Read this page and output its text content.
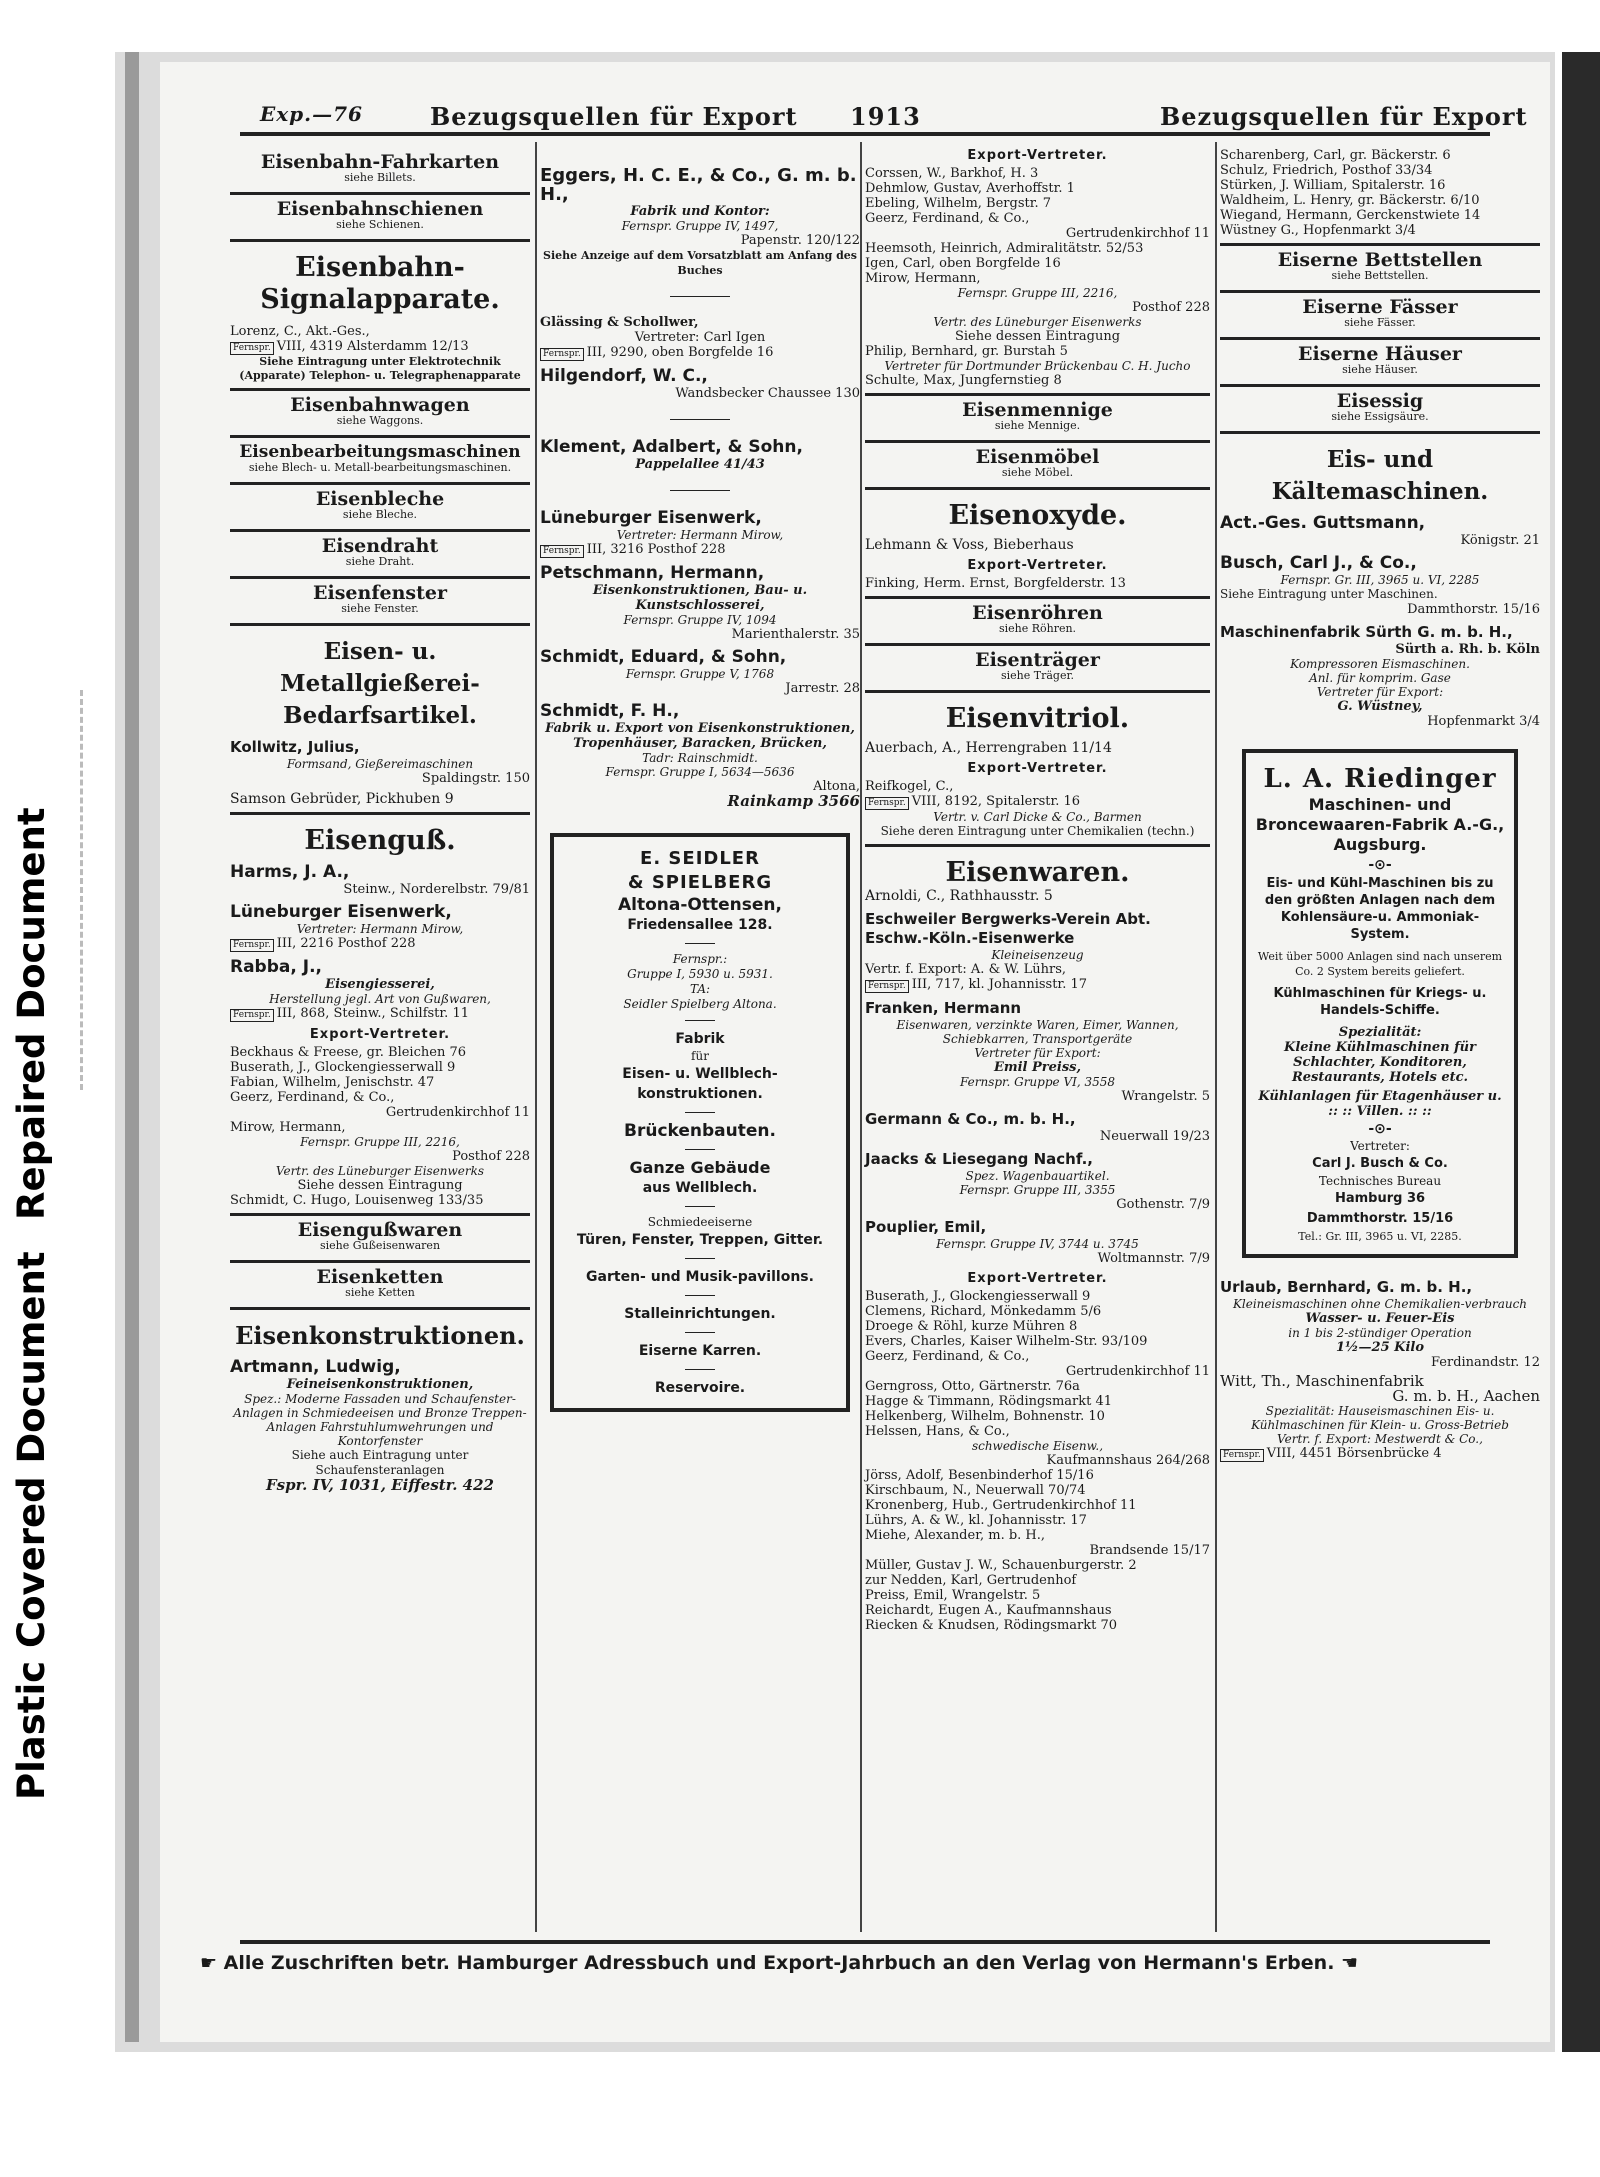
Plastic Covered Document
Repaired Document
Exp.—76	Bezugsquellen für Export 1913	Bezugsquellen für Export
Eisenbahn-Fahrkarten
siehe Billets.
Eisenbahnschienen
siehe Schienen.
Eisenbahn-Signalapparate.
Lorenz, C., Akt.-Ges.,
Fernspr. VIII, 4319 Alsterdamm 12/13
Siehe Eintragung unter Elektrotechnik (Apparate) Telephon- u. Telegraphenapparate
Eisenbahnwagen
siehe Waggons.
Eisenbearbeitungsmaschinen
siehe Blech- u. Metall-bearbeitungsmaschinen.
Eisenbleche
siehe Bleche.
Eisendraht
siehe Draht.
Eisenfenster
siehe Fenster.
Eisen- u. Metallgießerei-Bedarfsartikel.
Kollwitz, Julius,
Formsand, Gießereimaschinen
Spaldingstr. 150
Samson Gebrüder, Pickhuben 9
Eisenguß.
Harms, J. A.,
Steinw., Norderelbstr. 79/81
Lüneburger Eisenwerk,
Vertreter: Hermann Mirow,
Fernspr. III, 2216 Posthof 228
Rabba, J.,
Eisengiesserei,
Herstellung jegl. Art von Gußwaren,
Fernspr. III, 868, Steinw., Schilfstr. 11
Export-Vertreter.
Beckhaus & Freese, gr. Bleichen 76
Buserath, J., Glockengiesserwall 9
Fabian, Wilhelm, Jenischstr. 47
Geerz, Ferdinand, & Co.,
Gertrudenkirchhof 11
Mirow, Hermann,
Fernspr. Gruppe III, 2216,
Posthof 228
Vertr. des Lüneburger Eisenwerks
Siehe dessen Eintragung
Schmidt, C. Hugo, Louisenweg 133/35
Eisengußwaren
siehe Gußeisenwaren
Eisenketten
siehe Ketten
Eisenkonstruktionen.
Artmann, Ludwig,
Feineisenkonstruktionen,
Spez.: Moderne Fassaden und Schaufenster-Anlagen in Schmiedeeisen und Bronze Treppen-Anlagen Fahrstuhlumwehrungen und Kontorfenster
Siehe auch Eintragung unter Schaufensteranlagen
Fspr. IV, 1031, Eiffestr. 422
Eggers, H. C. E., & Co., G. m. b. H.,
Fabrik und Kontor:
Fernspr. Gruppe IV, 1497,
Papenstr. 120/122
Siehe Anzeige auf dem Vorsatzblatt am Anfang des Buches
Glässing & Schollwer,
Vertreter: Carl Igen
Fernspr. III, 9290, oben Borgfelde 16
Hilgendorf, W. C.,
Wandsbecker Chaussee 130
Klement, Adalbert, & Sohn,
Pappelallee 41/43
Lüneburger Eisenwerk,
Vertreter: Hermann Mirow,
Fernspr. III, 3216 Posthof 228
Petschmann, Hermann,
Eisenkonstruktionen, Bau- u. Kunstschlosserei,
Fernspr. Gruppe IV, 1094
Marienthalerstr. 35
Schmidt, Eduard, & Sohn,
Fernspr. Gruppe V, 1768
Jarrestr. 28
Schmidt, F. H.,
Fabrik u. Export von Eisenkonstruktionen, Tropenhäuser, Baracken, Brücken,
Tadr: Rainschmidt.
Fernspr. Gruppe I, 5634—5636
Altona,
Rainkamp 3566
E. SEIDLER
& SPIELBERG
Altona-Ottensen,
Friedensallee 128.
Fernspr.:
Gruppe I, 5930 u. 5931.
TA:
Seidler Spielberg Altona.
Fabrik
für
Eisen- u. Wellblech-konstruktionen.
Brückenbauten.
Ganze Gebäude
aus Wellblech.
Schmiedeeiserne
Türen, Fenster, Treppen, Gitter.
Garten- und Musik-pavillons.
Stalleinrichtungen.
Eiserne Karren.
Reservoire.
Export-Vertreter.
Corssen, W., Barkhof, H. 3
Dehmlow, Gustav, Averhoffstr. 1
Ebeling, Wilhelm, Bergstr. 7
Geerz, Ferdinand, & Co.,
Gertrudenkirchhof 11
Heemsoth, Heinrich, Admiralitätstr. 52/53
Igen, Carl, oben Borgfelde 16
Mirow, Hermann,
Fernspr. Gruppe III, 2216,
Posthof 228
Vertr. des Lüneburger Eisenwerks
Siehe dessen Eintragung
Philip, Bernhard, gr. Burstah 5
Vertreter für Dortmunder Brückenbau C. H. Jucho
Schulte, Max, Jungfernstieg 8
Eisenmennige
siehe Mennige.
Eisenmöbel
siehe Möbel.
Eisenoxyde.
Lehmann & Voss, Bieberhaus
Export-Vertreter.
Finking, Herm. Ernst, Borgfelderstr. 13
Eisenröhren
siehe Röhren.
Eisenträger
siehe Träger.
Eisenvitriol.
Auerbach, A., Herrengraben 11/14
Export-Vertreter.
Reifkogel, C.,
Fernspr. VIII, 8192, Spitalerstr. 16
Vertr. v. Carl Dicke & Co., Barmen
Siehe deren Eintragung unter Chemikalien (techn.)
Eisenwaren.
Arnoldi, C., Rathhausstr. 5
Eschweiler Bergwerks-Verein Abt. Eschw.-Köln.-Eisenwerke
Kleineisenzeug
Vertr. f. Export: A. & W. Lührs,
Fernspr. III, 717, kl. Johannisstr. 17
Franken, Hermann
Eisenwaren, verzinkte Waren, Eimer, Wannen, Schiebkarren, Transportgeräte
Vertreter für Export:
Emil Preiss,
Fernspr. Gruppe VI, 3558
Wrangelstr. 5
Germann & Co., m. b. H.,
Neuerwall 19/23
Jaacks & Liesegang Nachf.,
Spez. Wagenbauartikel.
Fernspr. Gruppe III, 3355
Gothenstr. 7/9
Pouplier, Emil,
Fernspr. Gruppe IV, 3744 u. 3745
Woltmannstr. 7/9
Export-Vertreter.
Buserath, J., Glockengiesserwall 9
Clemens, Richard, Mönkedamm 5/6
Droege & Röhl, kurze Mühren 8
Evers, Charles, Kaiser Wilhelm-Str. 93/109
Geerz, Ferdinand, & Co.,
Gertrudenkirchhof 11
Gerngross, Otto, Gärtnerstr. 76a
Hagge & Timmann, Rödingsmarkt 41
Helkenberg, Wilhelm, Bohnenstr. 10
Helssen, Hans, & Co.,
schwedische Eisenw.,
Kaufmannshaus 264/268
Jörss, Adolf, Besenbinderhof 15/16
Kirschbaum, N., Neuerwall 70/74
Kronenberg, Hub., Gertrudenkirchhof 11
Lührs, A. & W., kl. Johannisstr. 17
Miehe, Alexander, m. b. H.,
Brandsende 15/17
Müller, Gustav J. W., Schauenburgerstr. 2
zur Nedden, Karl, Gertrudenhof
Preiss, Emil, Wrangelstr. 5
Reichardt, Eugen A., Kaufmannshaus
Riecken & Knudsen, Rödingsmarkt 70
Scharenberg, Carl, gr. Bäckerstr. 6
Schulz, Friedrich, Posthof 33/34
Stürken, J. William, Spitalerstr. 16
Waldheim, L. Henry, gr. Bäckerstr. 6/10
Wiegand, Hermann, Gerckenstwiete 14
Wüstney G., Hopfenmarkt 3/4
Eiserne Bettstellen
siehe Bettstellen.
Eiserne Fässer
siehe Fässer.
Eiserne Häuser
siehe Häuser.
Eisessig
siehe Essigsäure.
Eis- und Kältemaschinen.
Act.-Ges. Guttsmann,
Königstr. 21
Busch, Carl J., & Co.,
Fernspr. Gr. III, 3965 u. VI, 2285
Siehe Eintragung unter Maschinen.
Dammthorstr. 15/16
Maschinenfabrik Sürth G. m. b. H.,
Sürth a. Rh. b. Köln
Kompressoren Eismaschinen.
Anl. für komprim. Gase
Vertreter für Export:
G. Wüstney,
Hopfenmarkt 3/4
L. A. Riedinger
Maschinen- und Broncewaaren-Fabrik A.-G.,
Augsburg.
-⊙-
Eis- und Kühl-Maschinen bis zu den größten Anlagen nach dem Kohlensäure-u. Ammoniak-System.
Weit über 5000 Anlagen sind nach unserem Co. 2 System bereits geliefert.
Kühlmaschinen für Kriegs- u. Handels-Schiffe.
Spezialität:
Kleine Kühlmaschinen für Schlachter, Konditoren, Restaurants, Hotels etc.
Kühlanlagen für Etagenhäuser u. :: :: Villen. :: ::
-⊙-
Vertreter:
Carl J. Busch & Co.
Technisches Bureau
Hamburg 36
Dammthorstr. 15/16
Tel.: Gr. III, 3965 u. VI, 2285.
Urlaub, Bernhard, G. m. b. H.,
Kleineismaschinen ohne Chemikalien-verbrauch
Wasser- u. Feuer-Eis
in 1 bis 2-stündiger Operation
1½—25 Kilo
Ferdinandstr. 12
Witt, Th., Maschinenfabrik
G. m. b. H., Aachen
Spezialität: Hauseismaschinen Eis- u. Kühlmaschinen für Klein- u. Gross-Betrieb
Vertr. f. Export: Mestwerdt & Co.,
Fernspr. VIII, 4451 Börsenbrücke 4
☛ Alle Zuschriften betr. Hamburger Adressbuch und Export-Jahrbuch an den Verlag von Hermann's Erben. ☚
